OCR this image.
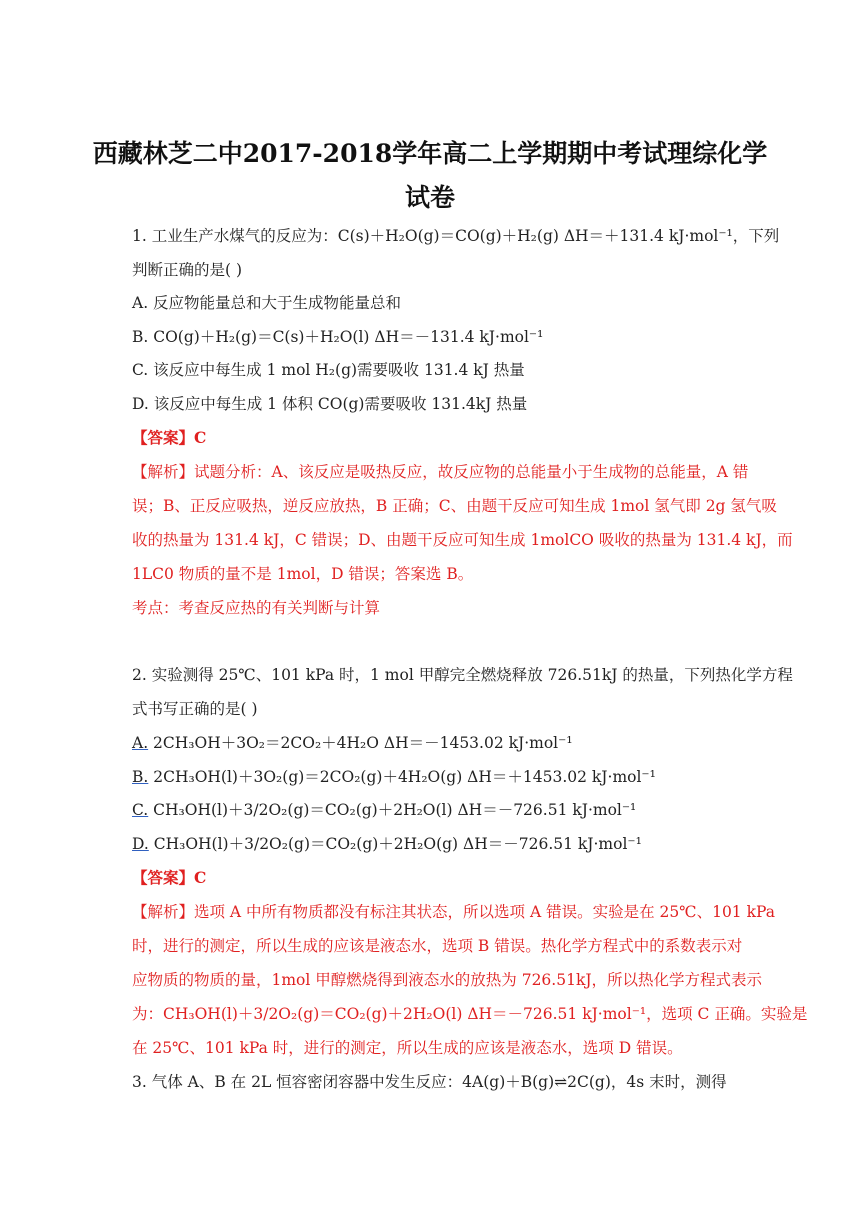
西藏林芝二中2017-2018学年高二上学期期中考试理综化学
试卷
1. 工业生产水煤气的反应为：C(s)＋H₂O(g)＝CO(g)＋H₂(g) ΔH＝＋131.4 kJ·mol⁻¹，下列
判断正确的是( )
A. 反应物能量总和大于生成物能量总和
B. CO(g)＋H₂(g)＝C(s)＋H₂O(l) ΔH＝－131.4 kJ·mol⁻¹
C. 该反应中每生成 1 mol H₂(g)需要吸收 131.4 kJ 热量
D. 该反应中每生成 1 体积 CO(g)需要吸收 131.4kJ 热量
【答案】C
【解析】试题分析：A、该反应是吸热反应，故反应物的总能量小于生成物的总能量，A 错
误；B、正反应吸热，逆反应放热，B 正确；C、由题干反应可知生成 1mol 氢气即 2g 氢气吸
收的热量为 131.4 kJ，C 错误；D、由题干反应可知生成 1molCO 吸收的热量为 131.4 kJ，而
1LC0 物质的量不是 1mol，D 错误；答案选 B。
考点：考查反应热的有关判断与计算
2. 实验测得 25℃、101 kPa 时，1 mol 甲醇完全燃烧释放 726.51kJ 的热量，下列热化学方程
式书写正确的是( )
A. 2CH₃OH＋3O₂＝2CO₂＋4H₂O ΔH＝－1453.02 kJ·mol⁻¹
B. 2CH₃OH(l)＋3O₂(g)＝2CO₂(g)＋4H₂O(g) ΔH＝＋1453.02 kJ·mol⁻¹
C. CH₃OH(l)＋3/2O₂(g)＝CO₂(g)＋2H₂O(l) ΔH＝－726.51 kJ·mol⁻¹
D. CH₃OH(l)＋3/2O₂(g)＝CO₂(g)＋2H₂O(g) ΔH＝－726.51 kJ·mol⁻¹
【答案】C
【解析】选项 A 中所有物质都没有标注其状态，所以选项 A 错误。实验是在 25℃、101 kPa
时，进行的测定，所以生成的应该是液态水，选项 B 错误。热化学方程式中的系数表示对
应物质的物质的量，1mol 甲醇燃烧得到液态水的放热为 726.51kJ，所以热化学方程式表示
为：CH₃OH(l)＋3/2O₂(g)＝CO₂(g)＋2H₂O(l) ΔH＝－726.51 kJ·mol⁻¹，选项 C 正确。实验是
在 25℃、101 kPa 时，进行的测定，所以生成的应该是液态水，选项 D 错误。
3. 气体 A、B 在 2L 恒容密闭容器中发生反应：4A(g)＋B(g)⇌2C(g)，4s 末时，测得
